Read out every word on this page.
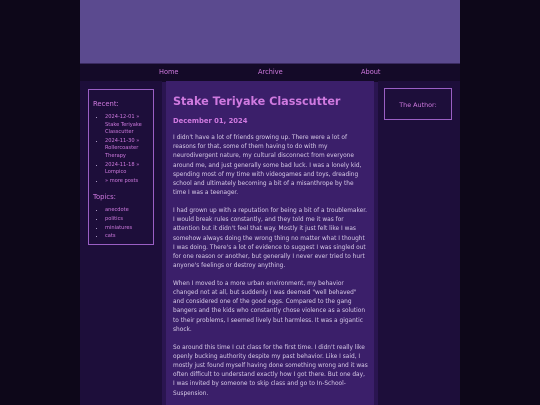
Home	Archive	About
Recent:
• 2024-12-01 » Stake Teriyake Classcutter
• 2024-11-30 » Rollercoaster Therapy
• 2024-11-18 » Lompico
• » more posts
Topics:
• anecdote
• politics
• miniatures
• cats
Stake Teriyake Classcutter
December 01, 2024

I didn't have a lot of friends growing up. There were a lot of reasons for that, some of them having to do with my neurodivergent nature, my cultural disconnect from everyone around me, and just generally some bad luck. I was a lonely kid, spending most of my time with videogames and toys, dreading school and ultimately becoming a bit of a misanthrope by the time I was a teenager.

I had grown up with a reputation for being a bit of a troublemaker. I would break rules constantly, and they told me it was for attention but it didn't feel that way. Mostly it just felt like I was somehow always doing the wrong thing no matter what I thought I was doing. There's a lot of evidence to suggest I was singled out for one reason or another, but generally I never ever tried to hurt anyone's feelings or destroy anything.

When I moved to a more urban environment, my behavior changed not at all, but suddenly I was deemed "well behaved" and considered one of the good eggs. Compared to the gang bangers and the kids who constantly chose violence as a solution to their problems, I seemed lively but harmless. It was a gigantic shock.

So around this time I cut class for the first time. I didn't really like openly bucking authority despite my past behavior. Like I said, I mostly just found myself having done something wrong and it was often difficult to understand exactly how I got there. But one day, I was invited by someone to skip class and go to In-School-Suspension.

The Author:
